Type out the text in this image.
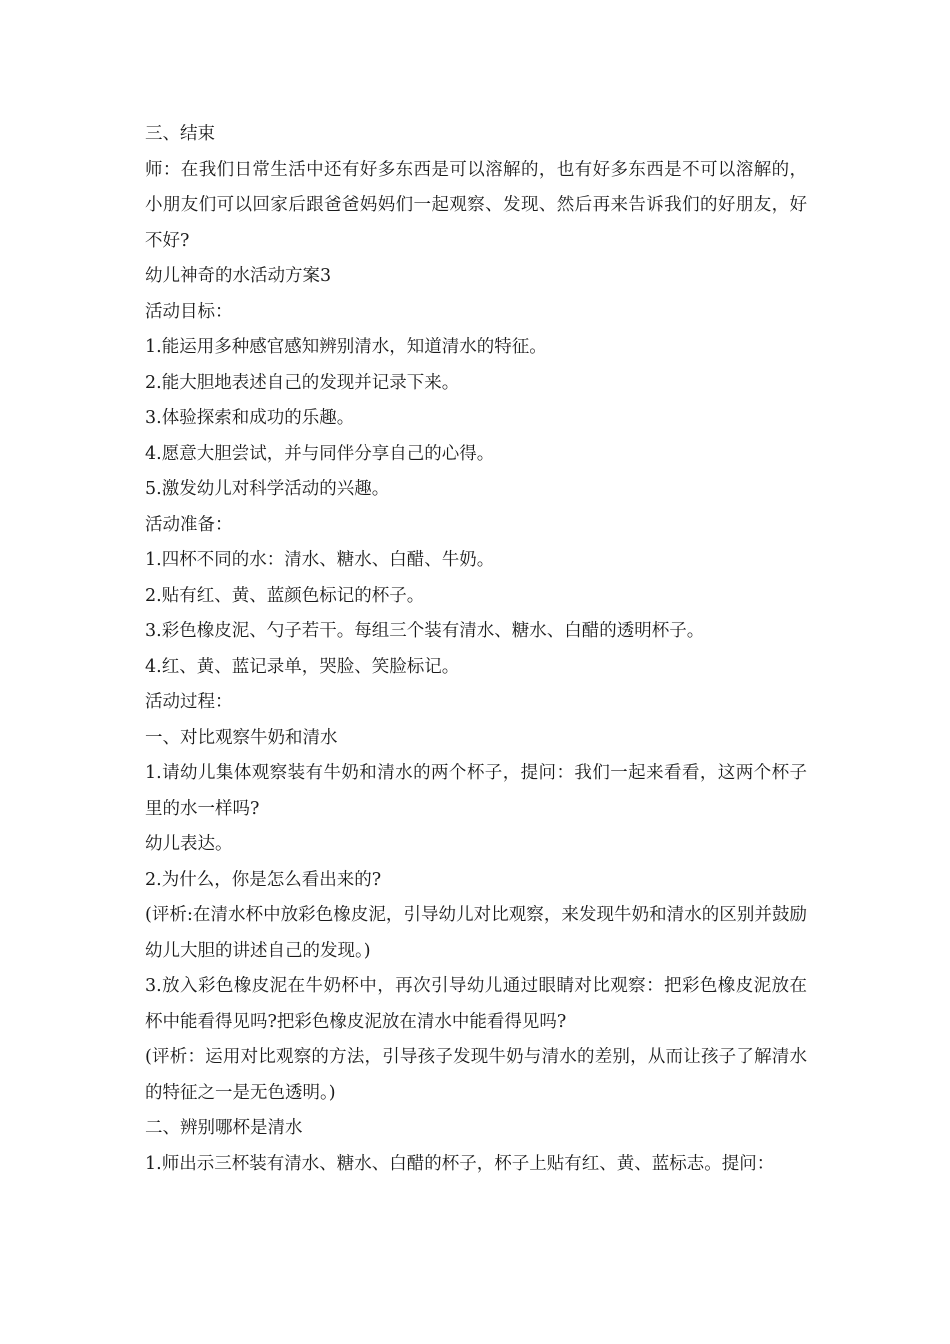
三、结束

师：在我们日常生活中还有好多东西是可以溶解的，也有好多东西是不可以溶解的，小朋友们可以回家后跟爸爸妈妈们一起观察、发现、然后再来告诉我们的好朋友，好不好?

幼儿神奇的水活动方案3

活动目标：

1.能运用多种感官感知辨别清水，知道清水的特征。

2.能大胆地表述自己的发现并记录下来。

3.体验探索和成功的乐趣。

4.愿意大胆尝试，并与同伴分享自己的心得。

5.激发幼儿对科学活动的兴趣。

活动准备：

1.四杯不同的水：清水、糖水、白醋、牛奶。

2.贴有红、黄、蓝颜色标记的杯子。

3.彩色橡皮泥、勺子若干。每组三个装有清水、糖水、白醋的透明杯子。

4.红、黄、蓝记录单，哭脸、笑脸标记。

活动过程：

一、对比观察牛奶和清水

1.请幼儿集体观察装有牛奶和清水的两个杯子，提问：我们一起来看看，这两个杯子里的水一样吗?

幼儿表达。

2.为什么，你是怎么看出来的?

(评析:在清水杯中放彩色橡皮泥，引导幼儿对比观察，来发现牛奶和清水的区别并鼓励幼儿大胆的讲述自己的发现。)

3.放入彩色橡皮泥在牛奶杯中，再次引导幼儿通过眼睛对比观察：把彩色橡皮泥放在杯中能看得见吗?把彩色橡皮泥放在清水中能看得见吗?

(评析：运用对比观察的方法，引导孩子发现牛奶与清水的差别，从而让孩子了解清水的特征之一是无色透明。)

二、辨别哪杯是清水

1.师出示三杯装有清水、糖水、白醋的杯子，杯子上贴有红、黄、蓝标志。提问：
